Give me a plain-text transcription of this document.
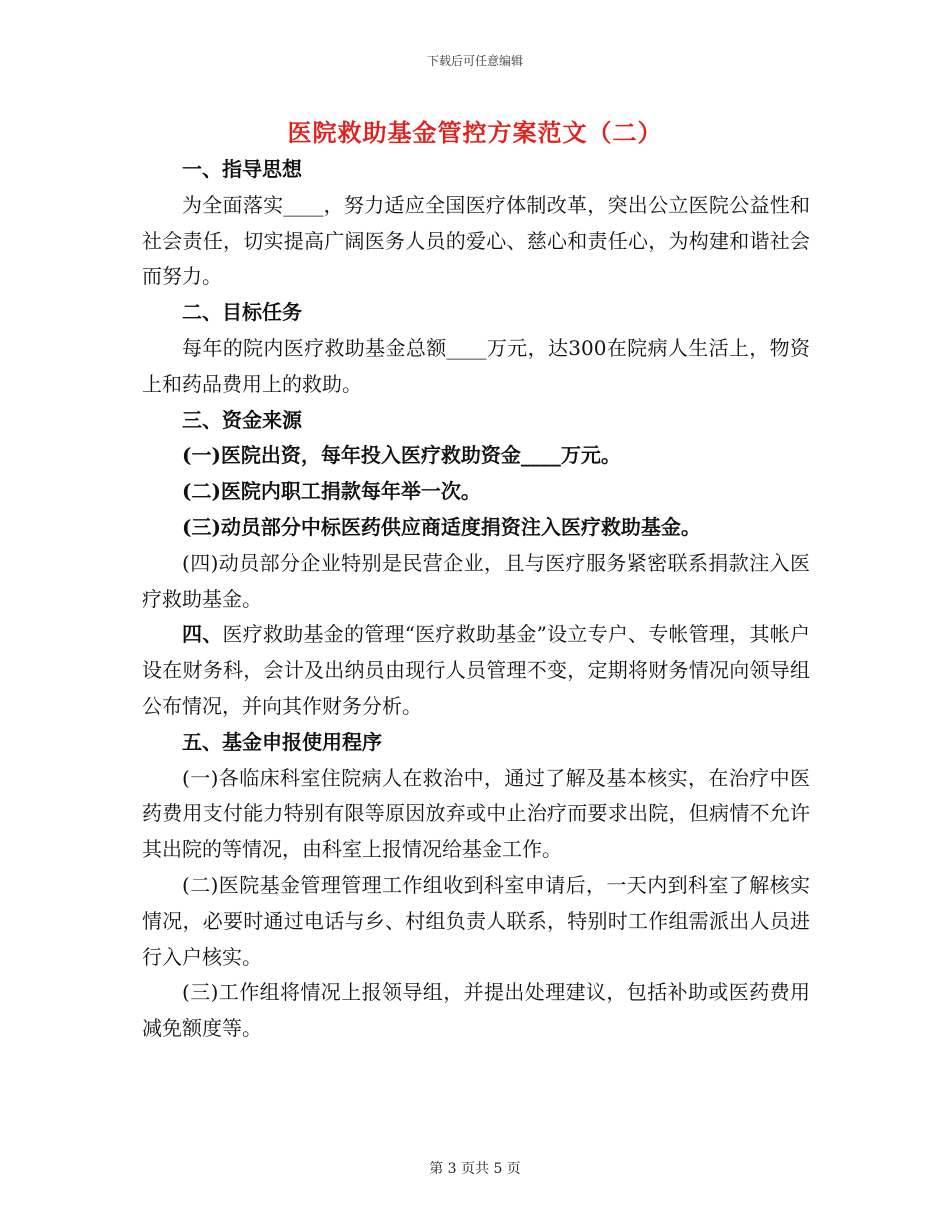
下载后可任意编辑
医院救助基金管控方案范文（二）

一、指导思想

为全面落实____，努力适应全国医疗体制改革，突出公立医院公益性和社会责任，切实提高广阔医务人员的爱心、慈心和责任心，为构建和谐社会而努力。

二、目标任务

每年的院内医疗救助基金总额____万元，达300在院病人生活上，物资上和药品费用上的救助。

三、资金来源

(一)医院出资，每年投入医疗救助资金____万元。

(二)医院内职工捐款每年举一次。

(三)动员部分中标医药供应商适度捐资注入医疗救助基金。

(四)动员部分企业特别是民营企业，且与医疗服务紧密联系捐款注入医疗救助基金。

四、医疗救助基金的管理“医疗救助基金”设立专户、专帐管理，其帐户设在财务科，会计及出纳员由现行人员管理不变，定期将财务情况向领导组公布情况，并向其作财务分析。

五、基金申报使用程序

(一)各临床科室住院病人在救治中，通过了解及基本核实，在治疗中医药费用支付能力特别有限等原因放弃或中止治疗而要求出院，但病情不允许其出院的等情况，由科室上报情况给基金工作。

(二)医院基金管理管理工作组收到科室申请后，一天内到科室了解核实情况，必要时通过电话与乡、村组负责人联系，特别时工作组需派出人员进行入户核实。

(三)工作组将情况上报领导组，并提出处理建议，包括补助或医药费用减免额度等。

第 3 页共 5 页
